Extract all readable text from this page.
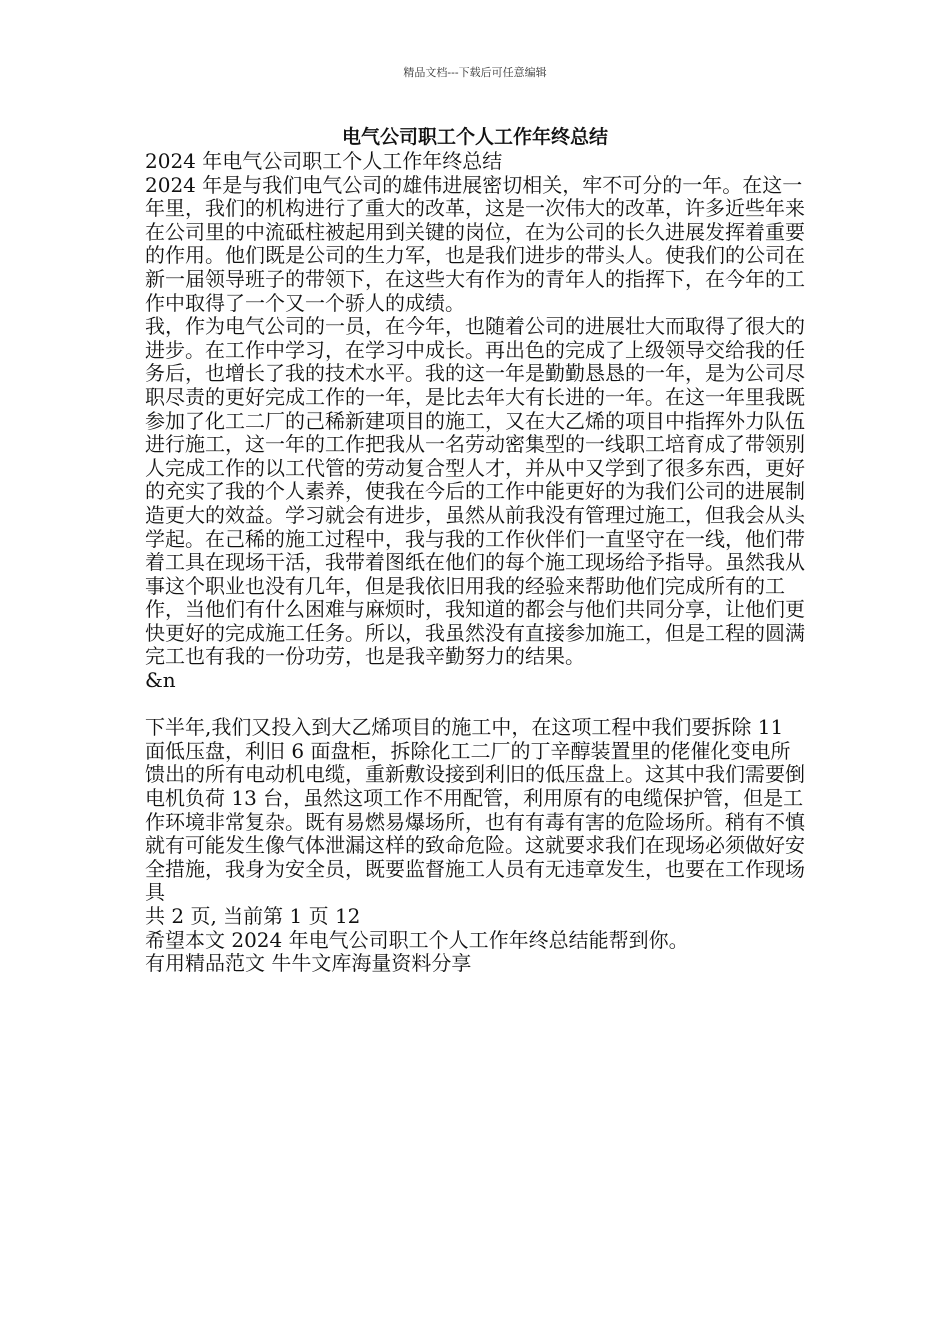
精品文档---下载后可任意编辑
电气公司职工个人工作年终总结

2024 年电气公司职工个人工作年终总结

2024 年是与我们电气公司的雄伟进展密切相关，牢不可分的一年。在这一年里，我们的机构进行了重大的改革，这是一次伟大的改革，许多近些年来在公司里的中流砥柱被起用到关键的岗位，在为公司的长久进展发挥着重要的作用。他们既是公司的生力军，也是我们进步的带头人。使我们的公司在新一届领导班子的带领下，在这些大有作为的青年人的指挥下，在今年的工作中取得了一个又一个骄人的成绩。

我，作为电气公司的一员，在今年，也随着公司的进展壮大而取得了很大的进步。在工作中学习，在学习中成长。再出色的完成了上级领导交给我的任务后，也增长了我的技术水平。我的这一年是勤勤恳恳的一年，是为公司尽职尽责的更好完成工作的一年，是比去年大有长进的一年。在这一年里我既参加了化工二厂的己稀新建项目的施工，又在大乙烯的项目中指挥外力队伍进行施工，这一年的工作把我从一名劳动密集型的一线职工培育成了带领别人完成工作的以工代管的劳动复合型人才，并从中又学到了很多东西，更好的充实了我的个人素养，使我在今后的工作中能更好的为我们公司的进展制造更大的效益。学习就会有进步，虽然从前我没有管理过施工，但我会从头学起。在己稀的施工过程中，我与我的工作伙伴们一直坚守在一线，他们带着工具在现场干活，我带着图纸在他们的每个施工现场给予指导。虽然我从事这个职业也没有几年，但是我依旧用我的经验来帮助他们完成所有的工作，当他们有什么困难与麻烦时，我知道的都会与他们共同分享，让他们更快更好的完成施工任务。所以，我虽然没有直接参加施工，但是工程的圆满完工也有我的一份功劳，也是我辛勤努力的结果。

&n

下半年,我们又投入到大乙烯项目的施工中，在这项工程中我们要拆除 11 面低压盘，利旧 6 面盘柜，拆除化工二厂的丁辛醇装置里的佬催化变电所馈出的所有电动机电缆，重新敷设接到利旧的低压盘上。这其中我们需要倒电机负荷 13 台，虽然这项工作不用配管，利用原有的电缆保护管，但是工作环境非常复杂。既有易燃易爆场所，也有有毒有害的危险场所。稍有不慎就有可能发生像气体泄漏这样的致命危险。这就要求我们在现场必须做好安全措施，我身为安全员，既要监督施工人员有无违章发生，也要在工作现场具

共 2 页, 当前第 1 页 12

希望本文 2024 年电气公司职工个人工作年终总结能帮到你。

有用精品范文 牛牛文库海量资料分享
